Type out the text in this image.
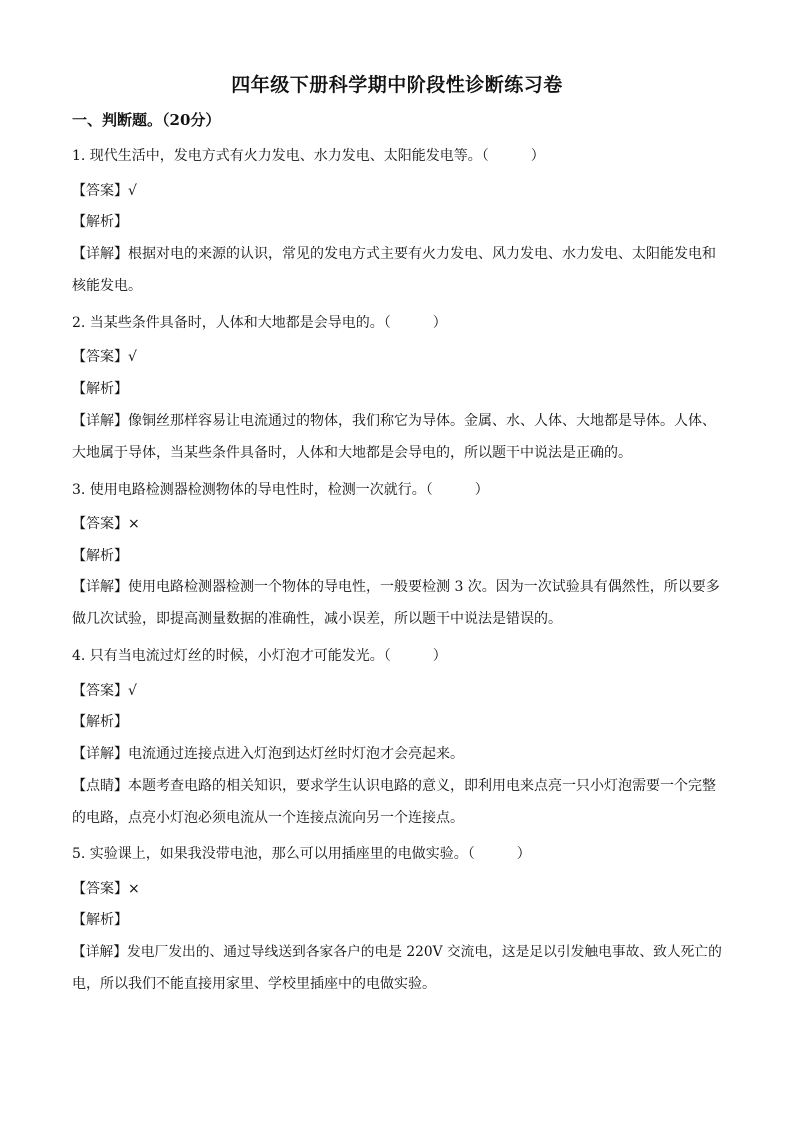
四年级下册科学期中阶段性诊断练习卷
一、判断题。（20分）
1. 现代生活中，发电方式有火力发电、水力发电、太阳能发电等。（　　　）
【答案】√
【解析】
【详解】根据对电的来源的认识，常见的发电方式主要有火力发电、风力发电、水力发电、太阳能发电和
核能发电。
2. 当某些条件具备时，人体和大地都是会导电的。（　　　）
【答案】√
【解析】
【详解】像铜丝那样容易让电流通过的物体，我们称它为导体。金属、水、人体、大地都是导体。人体、
大地属于导体，当某些条件具备时，人体和大地都是会导电的，所以题干中说法是正确的。
3. 使用电路检测器检测物体的导电性时，检测一次就行。（　　　）
【答案】×
【解析】
【详解】使用电路检测器检测一个物体的导电性，一般要检测 3 次。因为一次试验具有偶然性，所以要多
做几次试验，即提高测量数据的准确性，减小误差，所以题干中说法是错误的。
4. 只有当电流过灯丝的时候，小灯泡才可能发光。（　　　）
【答案】√
【解析】
【详解】电流通过连接点进入灯泡到达灯丝时灯泡才会亮起来。
【点睛】本题考查电路的相关知识，要求学生认识电路的意义，即利用电来点亮一只小灯泡需要一个完整
的电路，点亮小灯泡必须电流从一个连接点流向另一个连接点。
5. 实验课上，如果我没带电池，那么可以用插座里的电做实验。（　　　）
【答案】×
【解析】
【详解】发电厂发出的、通过导线送到各家各户的电是 220V 交流电，这是足以引发触电事故、致人死亡的
电，所以我们不能直接用家里、学校里插座中的电做实验。
